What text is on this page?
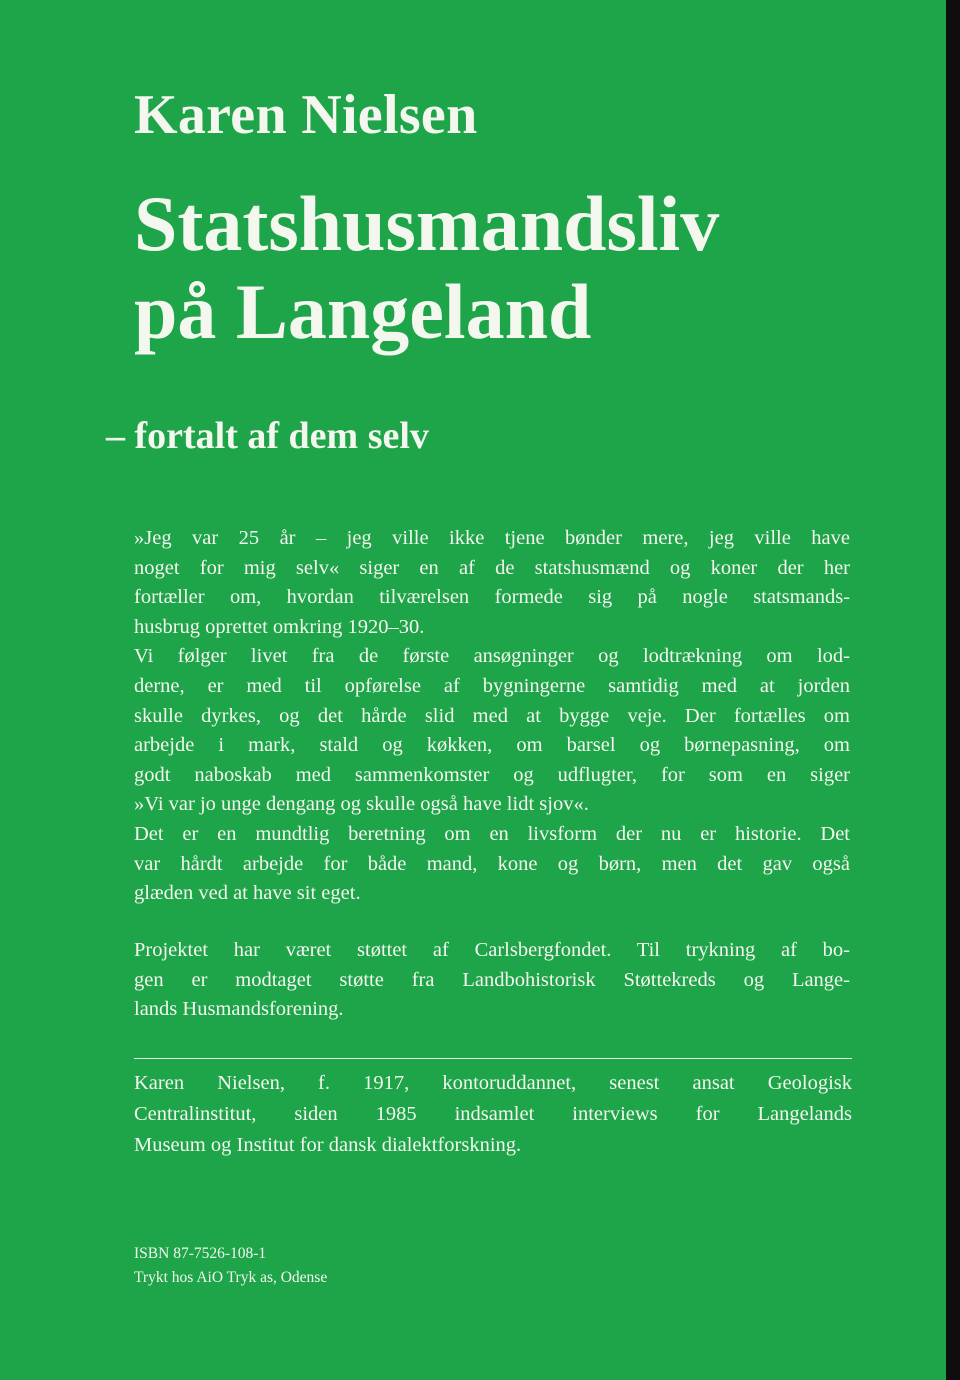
Karen Nielsen
Statshusmandsliv
på Langeland
– fortalt af dem selv
»Jeg var 25 år – jeg ville ikke tjene bønder mere, jeg ville have
noget for mig selv« siger en af de statshusmænd og koner der her
fortæller om, hvordan tilværelsen formede sig på nogle statsmands-
husbrug oprettet omkring 1920–30.
Vi følger livet fra de første ansøgninger og lodtrækning om lod-
derne, er med til opførelse af bygningerne samtidig med at jorden
skulle dyrkes, og det hårde slid med at bygge veje. Der fortælles om
arbejde i mark, stald og køkken, om barsel og børnepasning, om
godt naboskab med sammenkomster og udflugter, for som en siger
»Vi var jo unge dengang og skulle også have lidt sjov«.
Det er en mundtlig beretning om en livsform der nu er historie. Det
var hårdt arbejde for både mand, kone og børn, men det gav også
glæden ved at have sit eget.
Projektet har været støttet af Carlsbergfondet. Til trykning af bo-
gen er modtaget støtte fra Landbohistorisk Støttekreds og Lange-
lands Husmandsforening.
Karen Nielsen, f. 1917, kontoruddannet, senest ansat Geologisk
Centralinstitut, siden 1985 indsamlet interviews for Langelands
Museum og Institut for dansk dialektforskning.
ISBN 87-7526-108-1
Trykt hos AiO Tryk as, Odense
